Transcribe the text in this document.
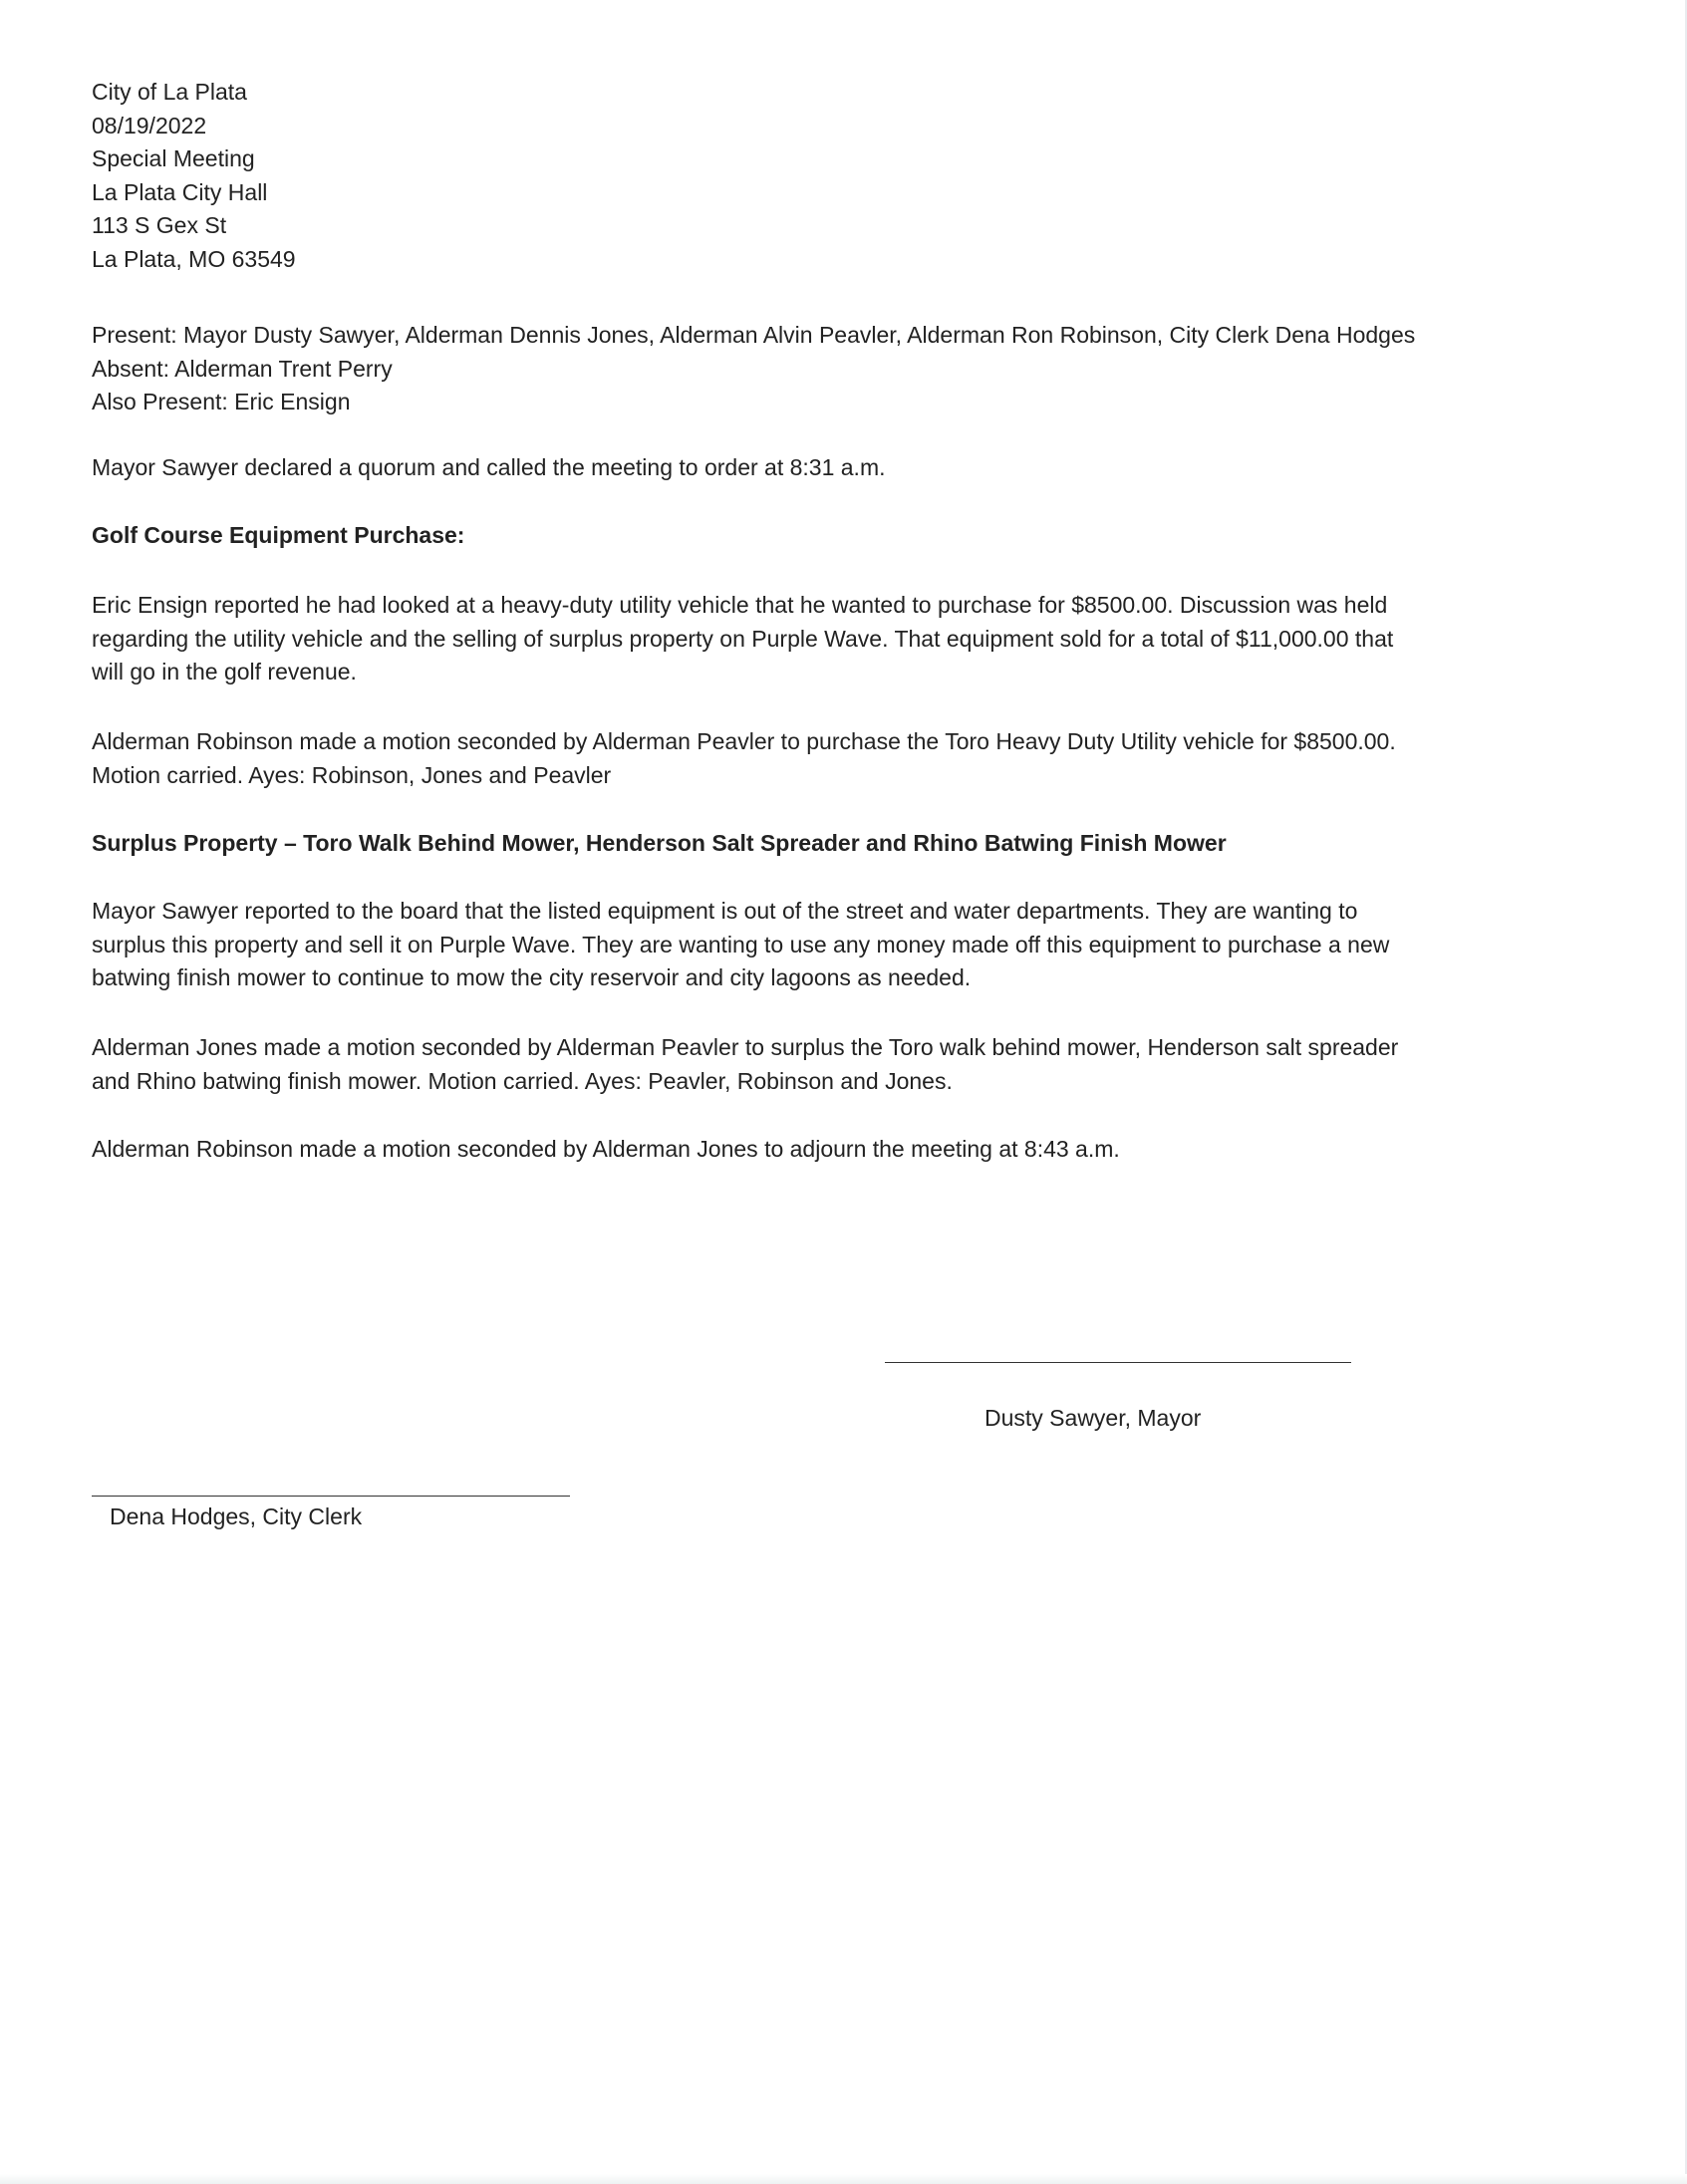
City of La Plata
08/19/2022
Special Meeting
La Plata City Hall
113 S Gex St
La Plata, MO 63549
Present: Mayor Dusty Sawyer, Alderman Dennis Jones, Alderman Alvin Peavler, Alderman Ron Robinson, City Clerk Dena Hodges
Absent: Alderman Trent Perry
Also Present: Eric Ensign
Mayor Sawyer declared a quorum and called the meeting to order at 8:31 a.m.
Golf Course Equipment Purchase:
Eric Ensign reported he had looked at a heavy-duty utility vehicle that he wanted to purchase for $8500.00. Discussion was held
regarding the utility vehicle and the selling of surplus property on Purple Wave. That equipment sold for a total of $11,000.00 that
will go in the golf revenue.
Alderman Robinson made a motion seconded by Alderman Peavler to purchase the Toro Heavy Duty Utility vehicle for $8500.00.
Motion carried. Ayes: Robinson, Jones and Peavler
Surplus Property – Toro Walk Behind Mower, Henderson Salt Spreader and Rhino Batwing Finish Mower
Mayor Sawyer reported to the board that the listed equipment is out of the street and water departments. They are wanting to
surplus this property and sell it on Purple Wave. They are wanting to use any money made off this equipment to purchase a new
batwing finish mower to continue to mow the city reservoir and city lagoons as needed.
Alderman Jones made a motion seconded by Alderman Peavler to surplus the Toro walk behind mower, Henderson salt spreader
and Rhino batwing finish mower. Motion carried. Ayes: Peavler, Robinson and Jones.
Alderman Robinson made a motion seconded by Alderman Jones to adjourn the meeting at 8:43 a.m.
Dusty Sawyer, Mayor
Dena Hodges, City Clerk
